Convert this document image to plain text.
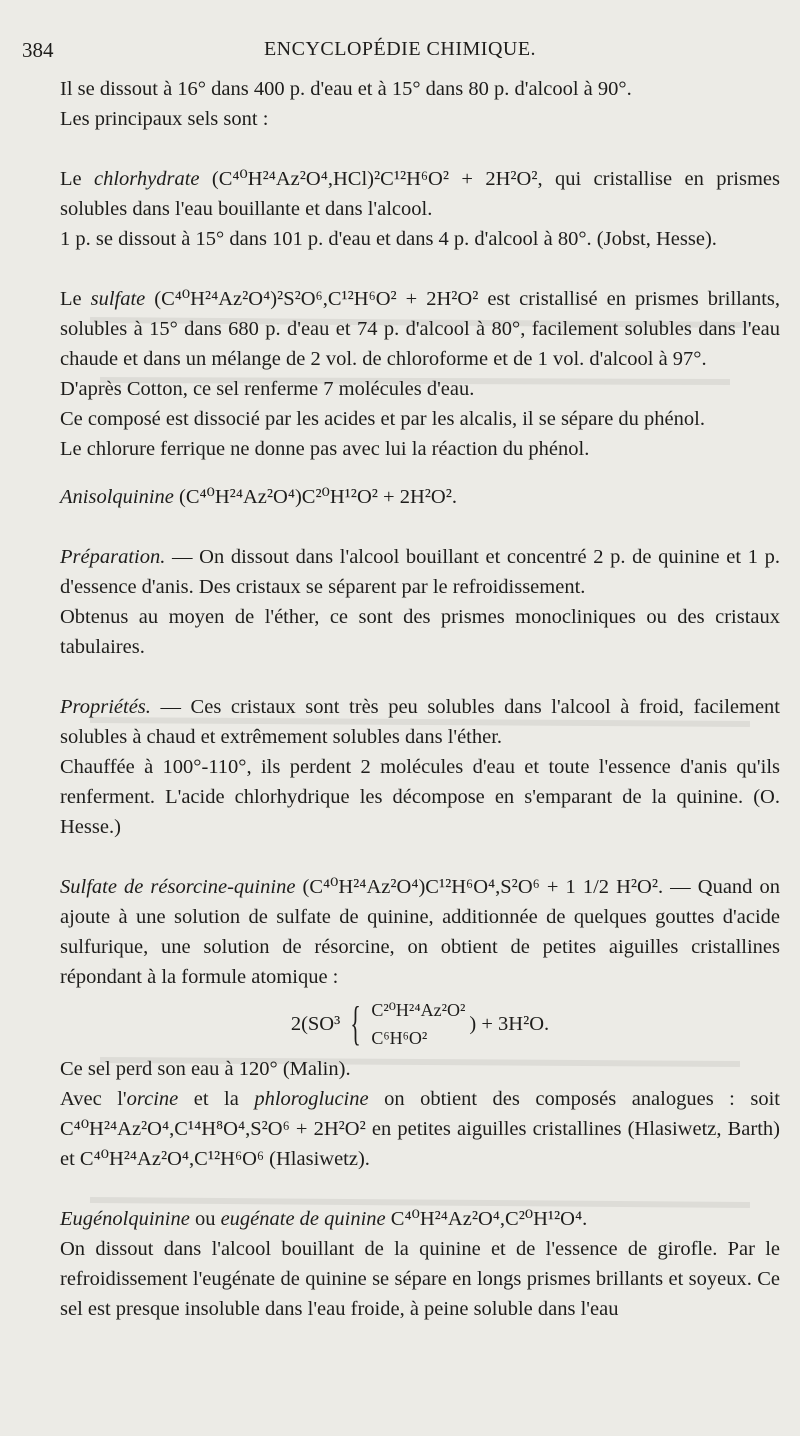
384	ENCYCLOPÉDIE CHIMIQUE.

Il se dissout à 16° dans 400 p. d'eau et à 15° dans 80 p. d'alcool à 90°.

Les principaux sels sont :

Le chlorhydrate (C⁴⁰H²⁴Az²O⁴,HCl)²C¹²H⁶O² + 2H²O², qui cristallise en prismes solubles dans l'eau bouillante et dans l'alcool.

1 p. se dissout à 15° dans 101 p. d'eau et dans 4 p. d'alcool à 80°. (Jobst, Hesse).

Le sulfate (C⁴⁰H²⁴Az²O⁴)²S²O⁶,C¹²H⁶O² + 2H²O² est cristallisé en prismes brillants, solubles à 15° dans 680 p. d'eau et 74 p. d'alcool à 80°, facilement solubles dans l'eau chaude et dans un mélange de 2 vol. de chloroforme et de 1 vol. d'alcool à 97°.

D'après Cotton, ce sel renferme 7 molécules d'eau.

Ce composé est dissocié par les acides et par les alcalis, il se sépare du phénol.

Le chlorure ferrique ne donne pas avec lui la réaction du phénol.

Anisolquinine (C⁴⁰H²⁴Az²O⁴)C²⁰H¹²O² + 2H²O².

Préparation. — On dissout dans l'alcool bouillant et concentré 2 p. de quinine et 1 p. d'essence d'anis. Des cristaux se séparent par le refroidissement.

Obtenus au moyen de l'éther, ce sont des prismes monocliniques ou des cristaux tabulaires.

Propriétés. — Ces cristaux sont très peu solubles dans l'alcool à froid, facilement solubles à chaud et extrêmement solubles dans l'éther.

Chauffée à 100°-110°, ils perdent 2 molécules d'eau et toute l'essence d'anis qu'ils renferment. L'acide chlorhydrique les décompose en s'emparant de la quinine. (O. Hesse.)

Sulfate de résorcine-quinine (C⁴⁰H²⁴Az²O⁴)C¹²H⁶O⁴,S²O⁶ + 1 1/2 H²O². — Quand on ajoute à une solution de sulfate de quinine, additionnée de quelques gouttes d'acide sulfurique, une solution de résorcine, on obtient de petites aiguilles cristallines répondant à la formule atomique :

2(SO³ { C²⁰H²⁴Az²O²
C⁶H⁶O²
) + 3H²O.

Ce sel perd son eau à 120° (Malin).

Avec l'orcine et la phloroglucine on obtient des composés analogues : soit C⁴⁰H²⁴Az²O⁴,C¹⁴H⁸O⁴,S²O⁶ + 2H²O² en petites aiguilles cristallines (Hlasiwetz, Barth) et C⁴⁰H²⁴Az²O⁴,C¹²H⁶O⁶ (Hlasiwetz).

Eugénolquinine ou eugénate de quinine C⁴⁰H²⁴Az²O⁴,C²⁰H¹²O⁴.

On dissout dans l'alcool bouillant de la quinine et de l'essence de girofle. Par le refroidissement l'eugénate de quinine se sépare en longs prismes brillants et soyeux. Ce sel est presque insoluble dans l'eau froide, à peine soluble dans l'eau
